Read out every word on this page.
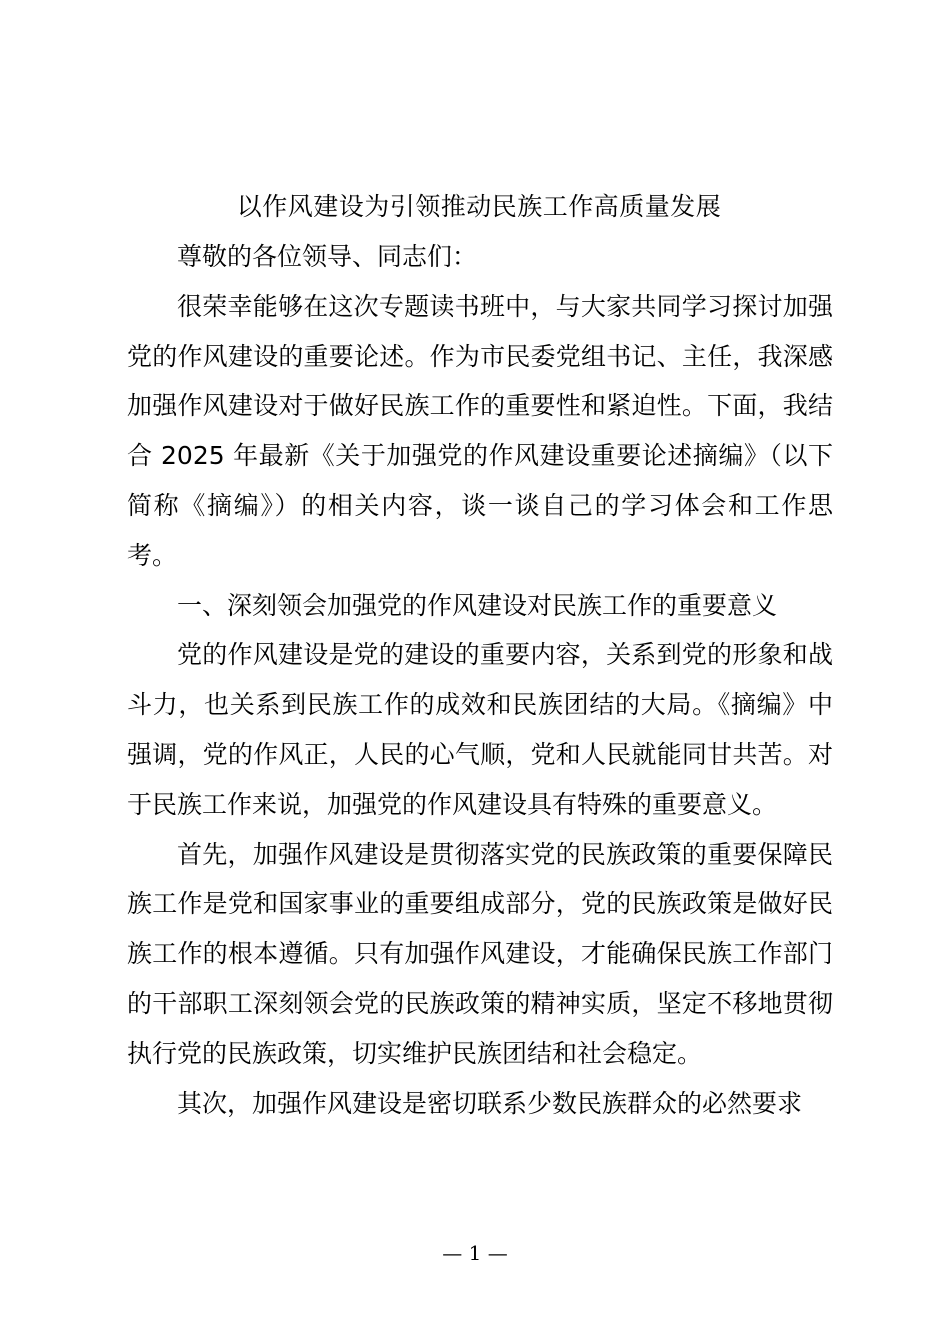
以作风建设为引领推动民族工作高质量发展

尊敬的各位领导、同志们：

很荣幸能够在这次专题读书班中，与大家共同学习探讨加强党的作风建设的重要论述。作为市民委党组书记、主任，我深感加强作风建设对于做好民族工作的重要性和紧迫性。下面，我结合 2025 年最新《关于加强党的作风建设重要论述摘编》（以下简称《摘编》）的相关内容，谈一谈自己的学习体会和工作思考。

一、深刻领会加强党的作风建设对民族工作的重要意义

党的作风建设是党的建设的重要内容，关系到党的形象和战斗力，也关系到民族工作的成效和民族团结的大局。《摘编》中强调，党的作风正，人民的心气顺，党和人民就能同甘共苦。对于民族工作来说，加强党的作风建设具有特殊的重要意义。

首先，加强作风建设是贯彻落实党的民族政策的重要保障民族工作是党和国家事业的重要组成部分，党的民族政策是做好民族工作的根本遵循。只有加强作风建设，才能确保民族工作部门的干部职工深刻领会党的民族政策的精神实质，坚定不移地贯彻执行党的民族政策，切实维护民族团结和社会稳定。

其次，加强作风建设是密切联系少数民族群众的必然要求

— 1 —
